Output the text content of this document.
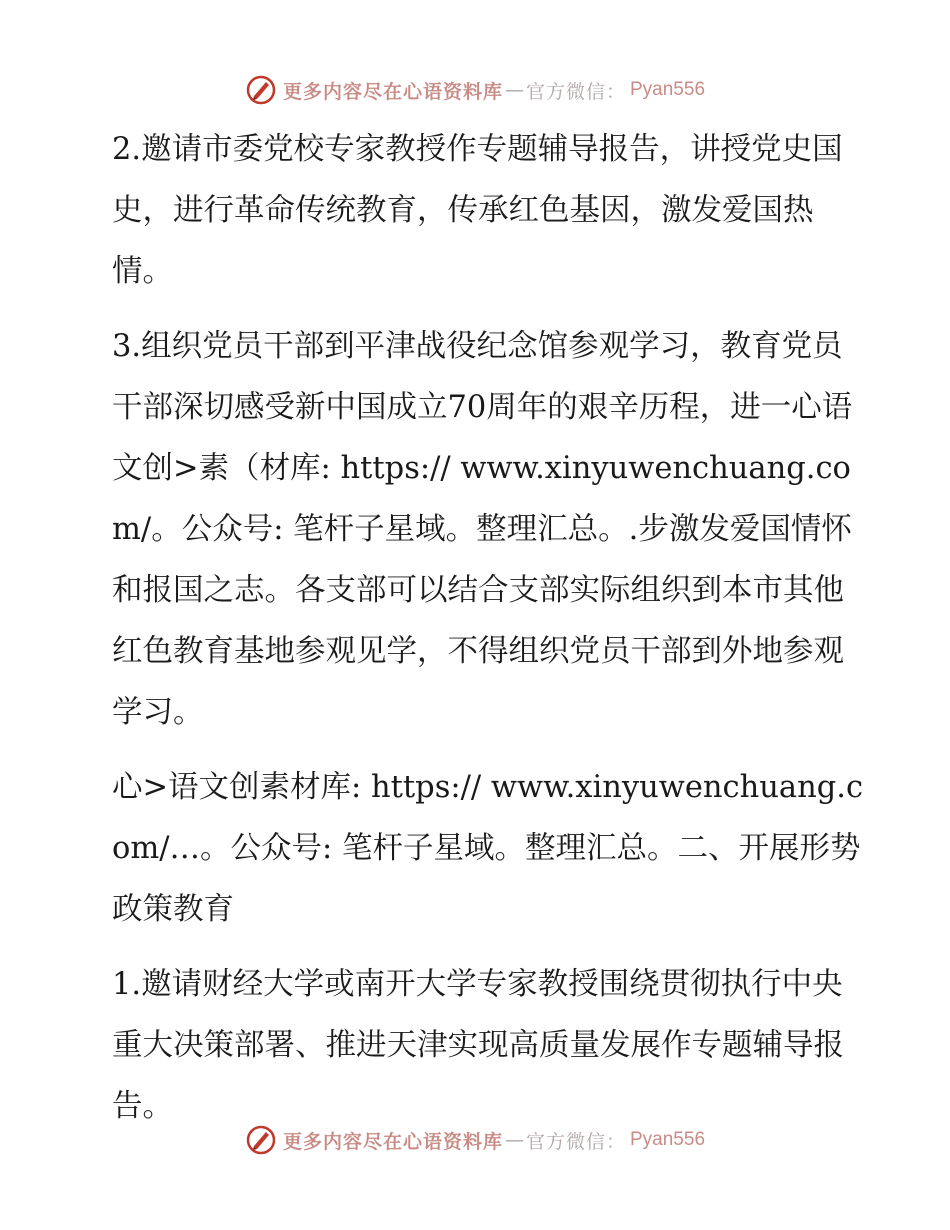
更多内容尽在心语资料库 — 官方微信： Pyan556

2.邀请市委党校专家教授作专题辅导报告，讲授党史国史，进行革命传统教育，传承红色基因，激发爱国热情。

3.组织党员干部到平津战役纪念馆参观学习，教育党员干部深切感受新中国成立70周年的艰辛历程，进一心语文创>素（材库: https:// www.xinyuwenchuang.com/。公众号: 笔杆子星域。整理汇总。.步激发爱国情怀和报国之志。各支部可以结合支部实际组织到本市其他红色教育基地参观见学，不得组织党员干部到外地参观学习。

心>语文创素材库: https:// www.xinyuwenchuang.com/…。公众号: 笔杆子星域。整理汇总。二、开展形势政策教育

1.邀请财经大学或南开大学专家教授围绕贯彻执行中央重大决策部署、推进天津实现高质量发展作专题辅导报告。

更多内容尽在心语资料库 — 官方微信： Pyan556
